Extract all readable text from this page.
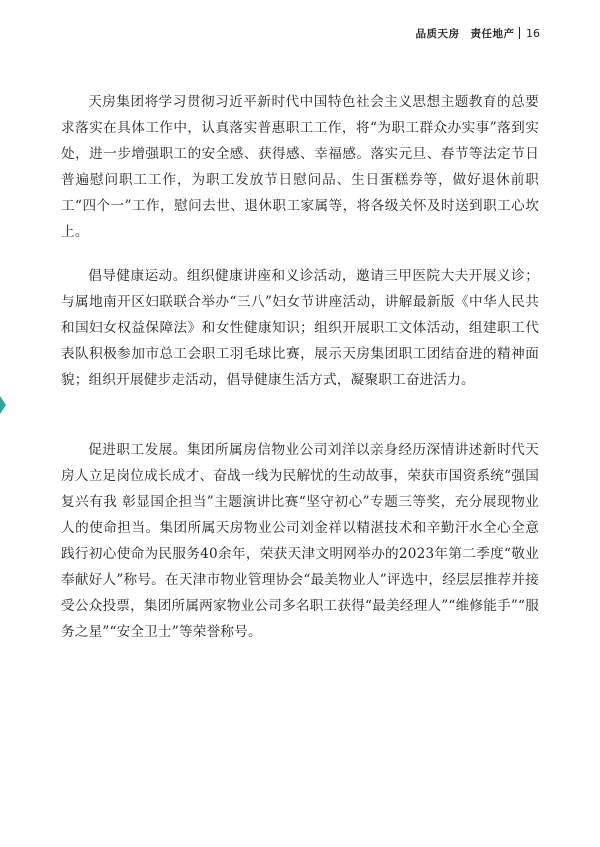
品质天房　责任地产 16

天房集团将学习贯彻习近平新时代中国特色社会主义思想主题教育的总要求落实在具体工作中，认真落实普惠职工工作，将“为职工群众办实事”落到实处，进一步增强职工的安全感、获得感、幸福感。落实元旦、春节等法定节日普遍慰问职工工作，为职工发放节日慰问品、生日蛋糕券等，做好退休前职工“四个一”工作，慰问去世、退休职工家属等，将各级关怀及时送到职工心坎上。

倡导健康运动。组织健康讲座和义诊活动，邀请三甲医院大夫开展义诊；与属地南开区妇联联合举办“三八”妇女节讲座活动，讲解最新版《中华人民共和国妇女权益保障法》和女性健康知识；组织开展职工文体活动，组建职工代表队积极参加市总工会职工羽毛球比赛，展示天房集团职工团结奋进的精神面貌；组织开展健步走活动，倡导健康生活方式，凝聚职工奋进活力。

促进职工发展。集团所属房信物业公司刘洋以亲身经历深情讲述新时代天房人立足岗位成长成才、奋战一线为民解忧的生动故事，荣获市国资系统“强国复兴有我 彰显国企担当”主题演讲比赛“坚守初心”专题三等奖，充分展现物业人的使命担当。集团所属天房物业公司刘金祥以精湛技术和辛勤汗水全心全意践行初心使命为民服务40余年，荣获天津文明网举办的2023年第二季度“敬业奉献好人”称号。在天津市物业管理协会“最美物业人”评选中，经层层推荐并接受公众投票，集团所属两家物业公司多名职工获得“最美经理人”“维修能手”“服务之星”“安全卫士”等荣誉称号。
